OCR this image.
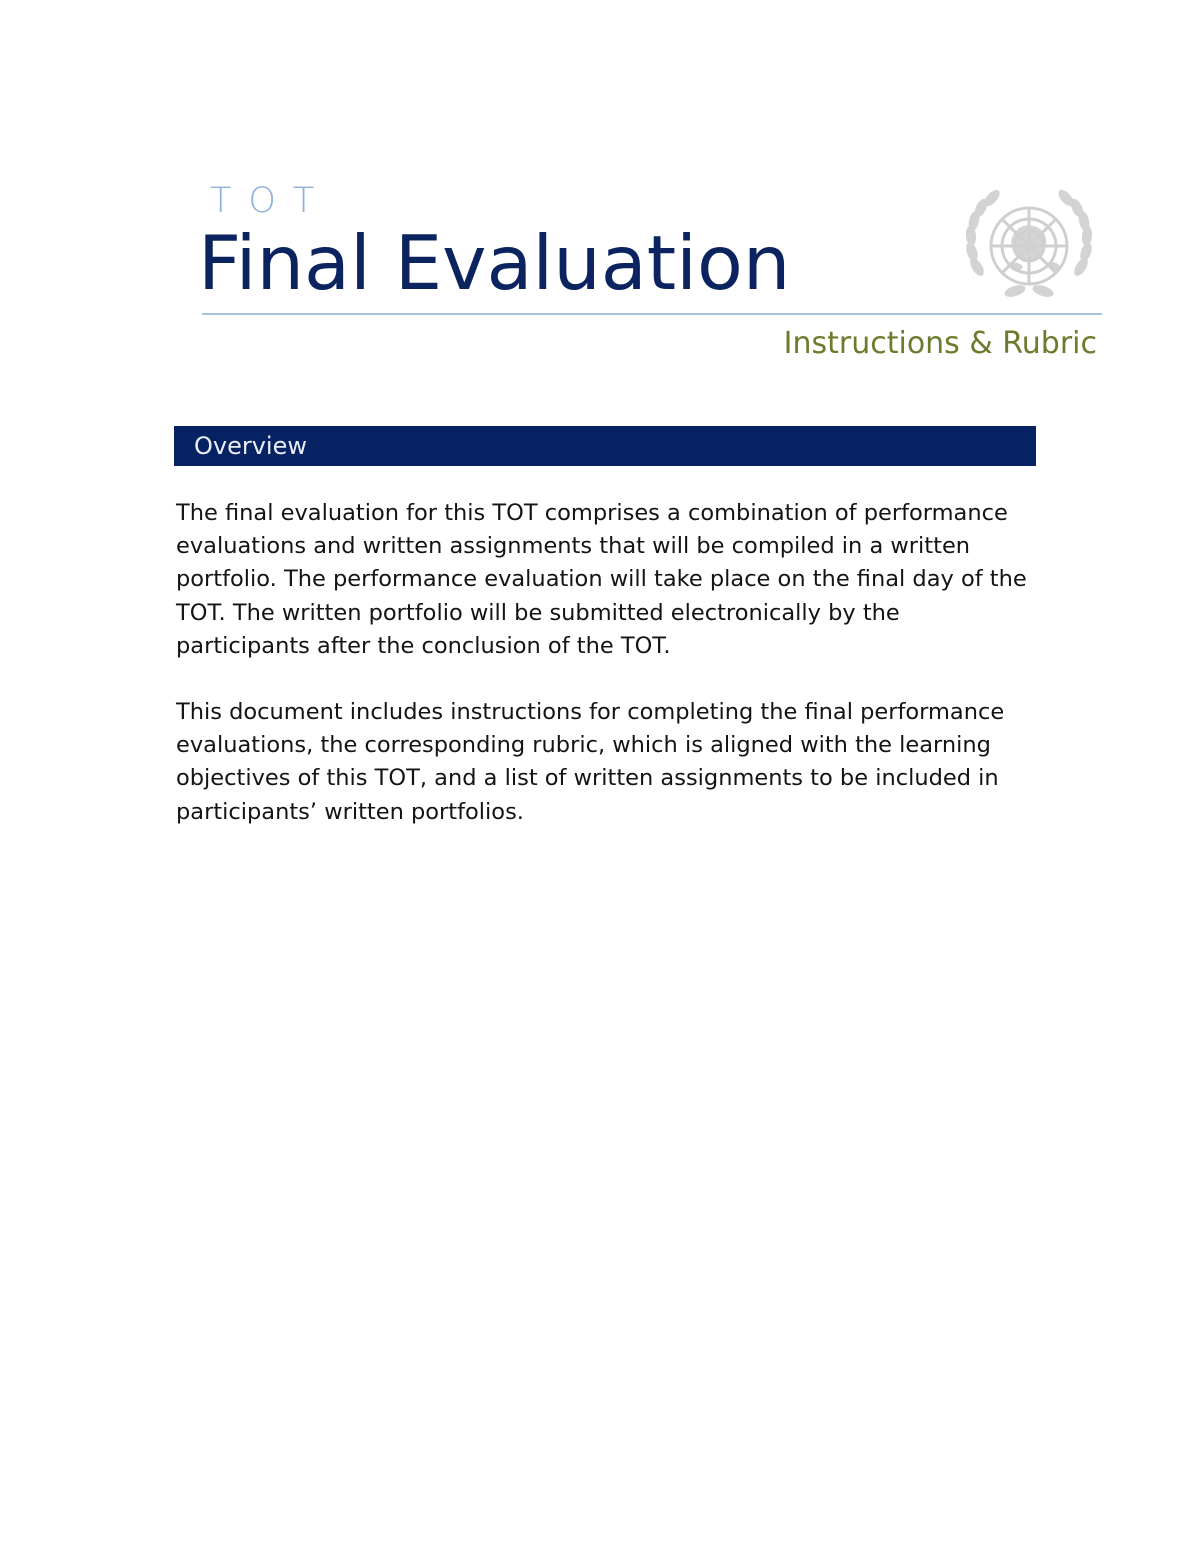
TOT
Final Evaluation
Instructions & Rubric
Overview

The final evaluation for this TOT comprises a combination of performance evaluations and written assignments that will be compiled in a written portfolio. The performance evaluation will take place on the final day of the TOT. The written portfolio will be submitted electronically by the participants after the conclusion of the TOT.

This document includes instructions for completing the final performance evaluations, the corresponding rubric, which is aligned with the learning objectives of this TOT, and a list of written assignments to be included in participants’ written portfolios.
